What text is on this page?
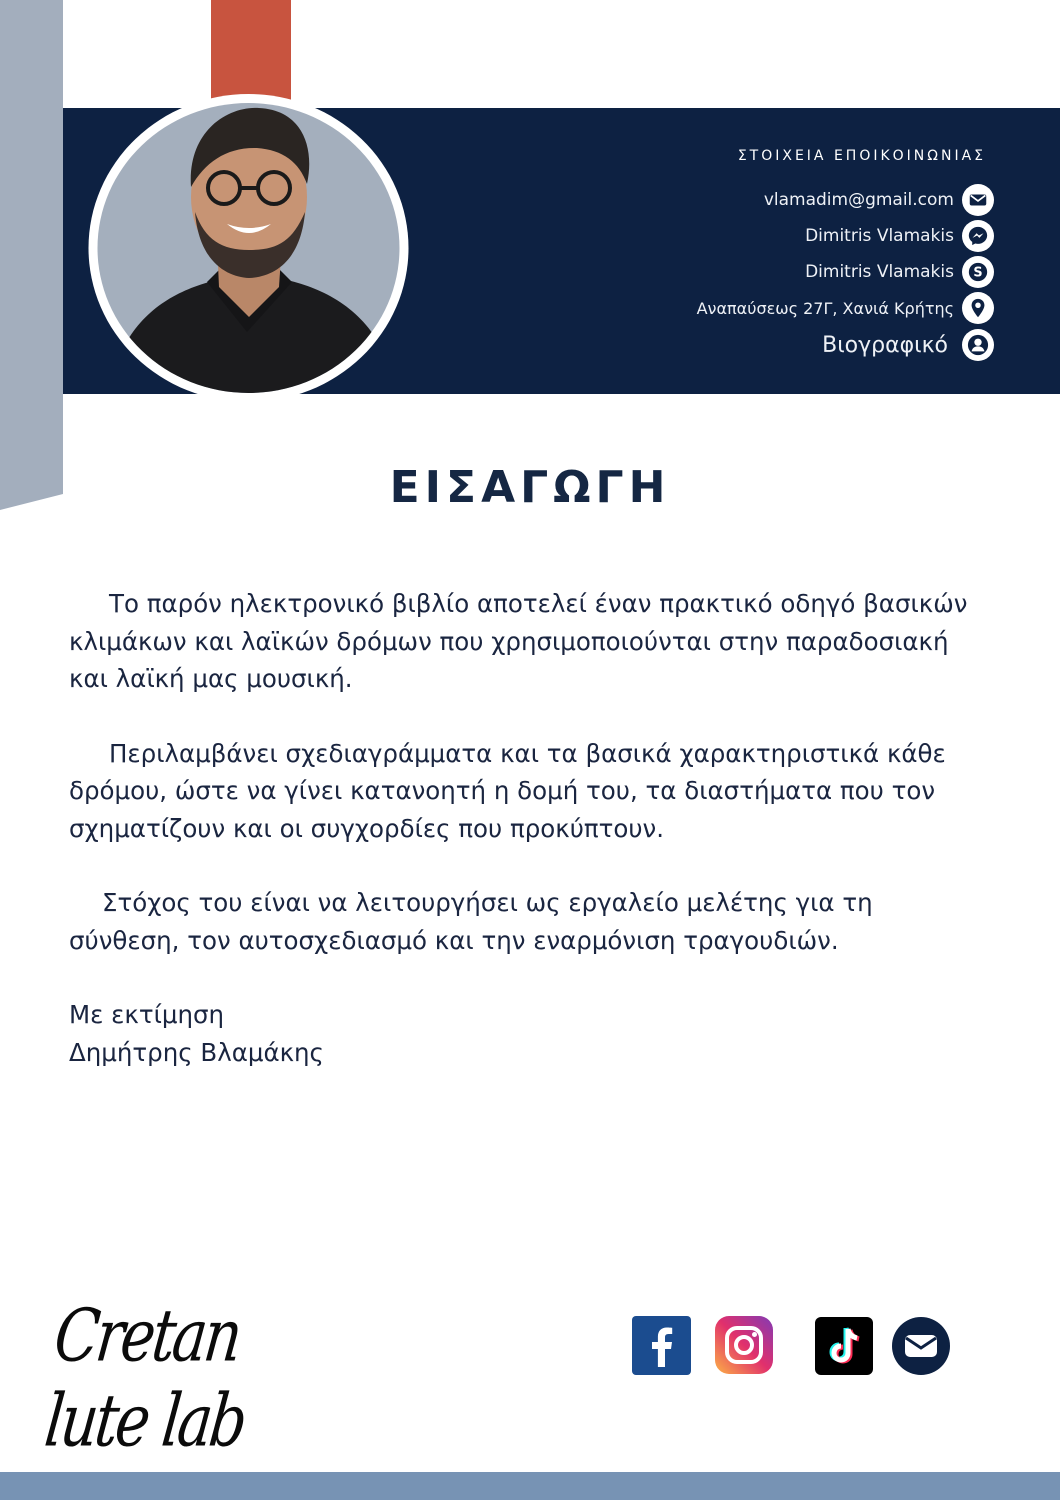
ΣΤΟΙΧΕΙΑ ΕΠΟΙΚΟΙΝΩΝΙΑΣ
vlamadim@gmail.com
Dimitris Vlamakis
Dimitris Vlamakis S
Αναπαύσεως 27Γ, Χανιά Κρήτης
Βιογραφικό
ΕΙΣΑΓΩΓΗ

Το παρόν ηλεκτρονικό βιβλίο αποτελεί έναν πρακτικό οδηγό βασικών κλιμάκων και λαϊκών δρόμων που χρησιμοποιούνται στην παραδοσιακή και λαϊκή μας μουσική.

Περιλαμβάνει σχεδιαγράμματα και τα βασικά χαρακτηριστικά κάθε δρόμου, ώστε να γίνει κατανοητή η δομή του, τα διαστήματα που τον σχηματίζουν και οι συγχορδίες που προκύπτουν.

Στόχος του είναι να λειτουργήσει ως εργαλείο μελέτης για τη σύνθεση, τον αυτοσχεδιασμό και την εναρμόνιση τραγουδιών.

Με εκτίμηση
Δημήτρης Βλαμάκης
Cretan lute lab
